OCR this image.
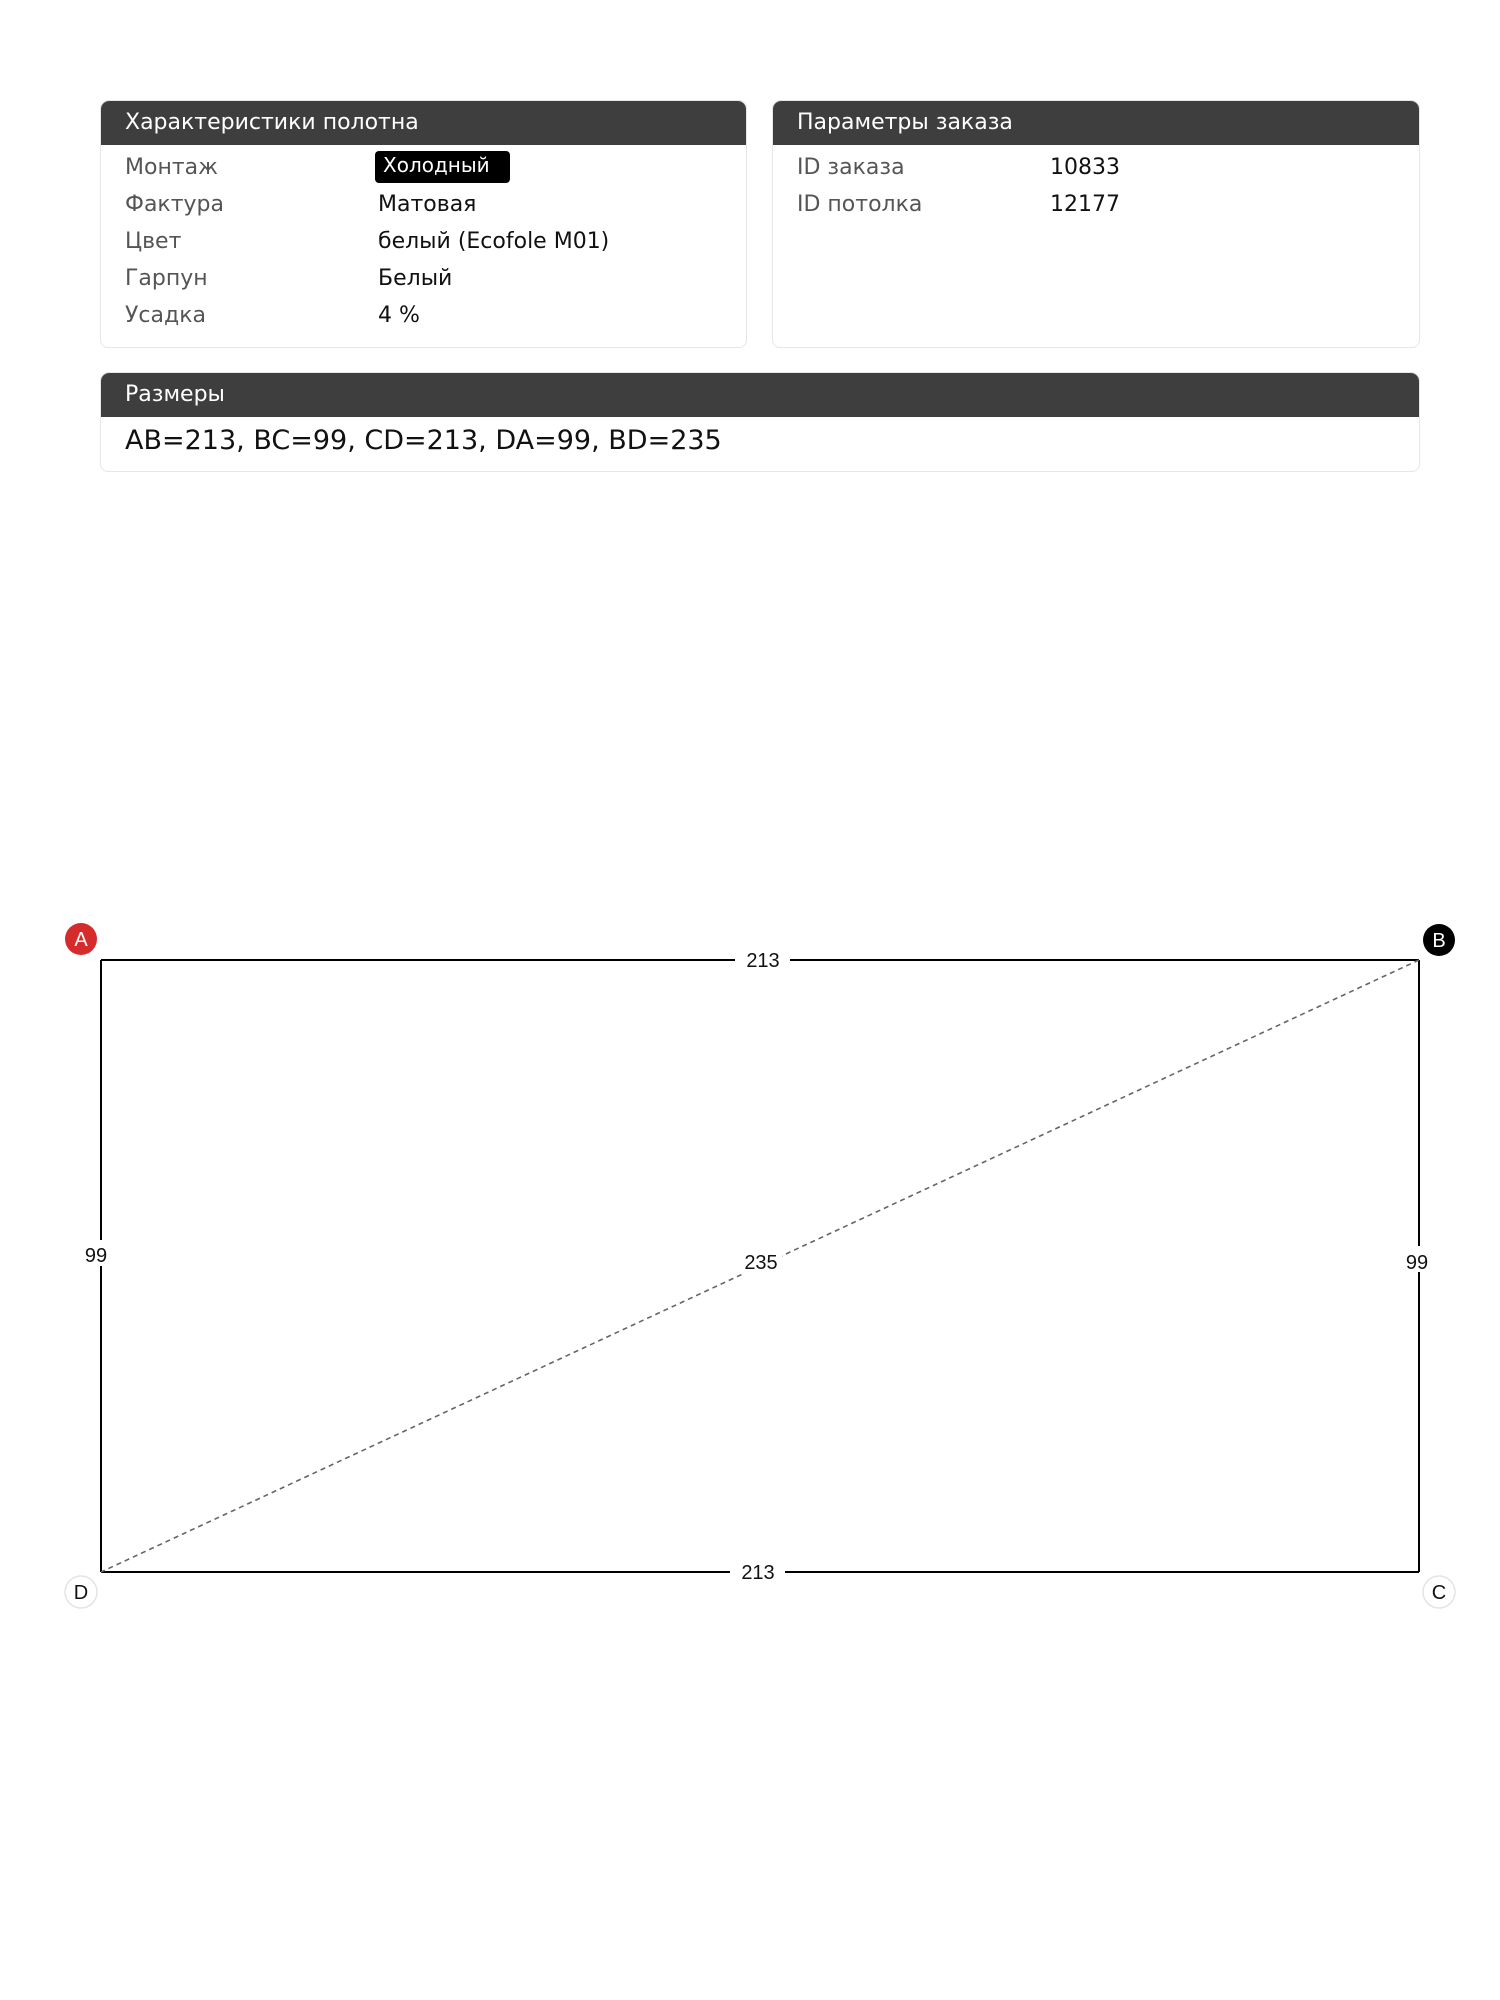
Характеристики полотна
Монтаж	Холодный
Фактура	Матовая
Цвет	белый (Ecofole M01)
Гарпун	Белый
Усадка	4 %
Параметры заказа
ID заказа	10833
ID потолка	12177
Размеры
AB=213, BC=99, CD=213, DA=99, BD=235
213
99
213
99	235
A	B
C
D
